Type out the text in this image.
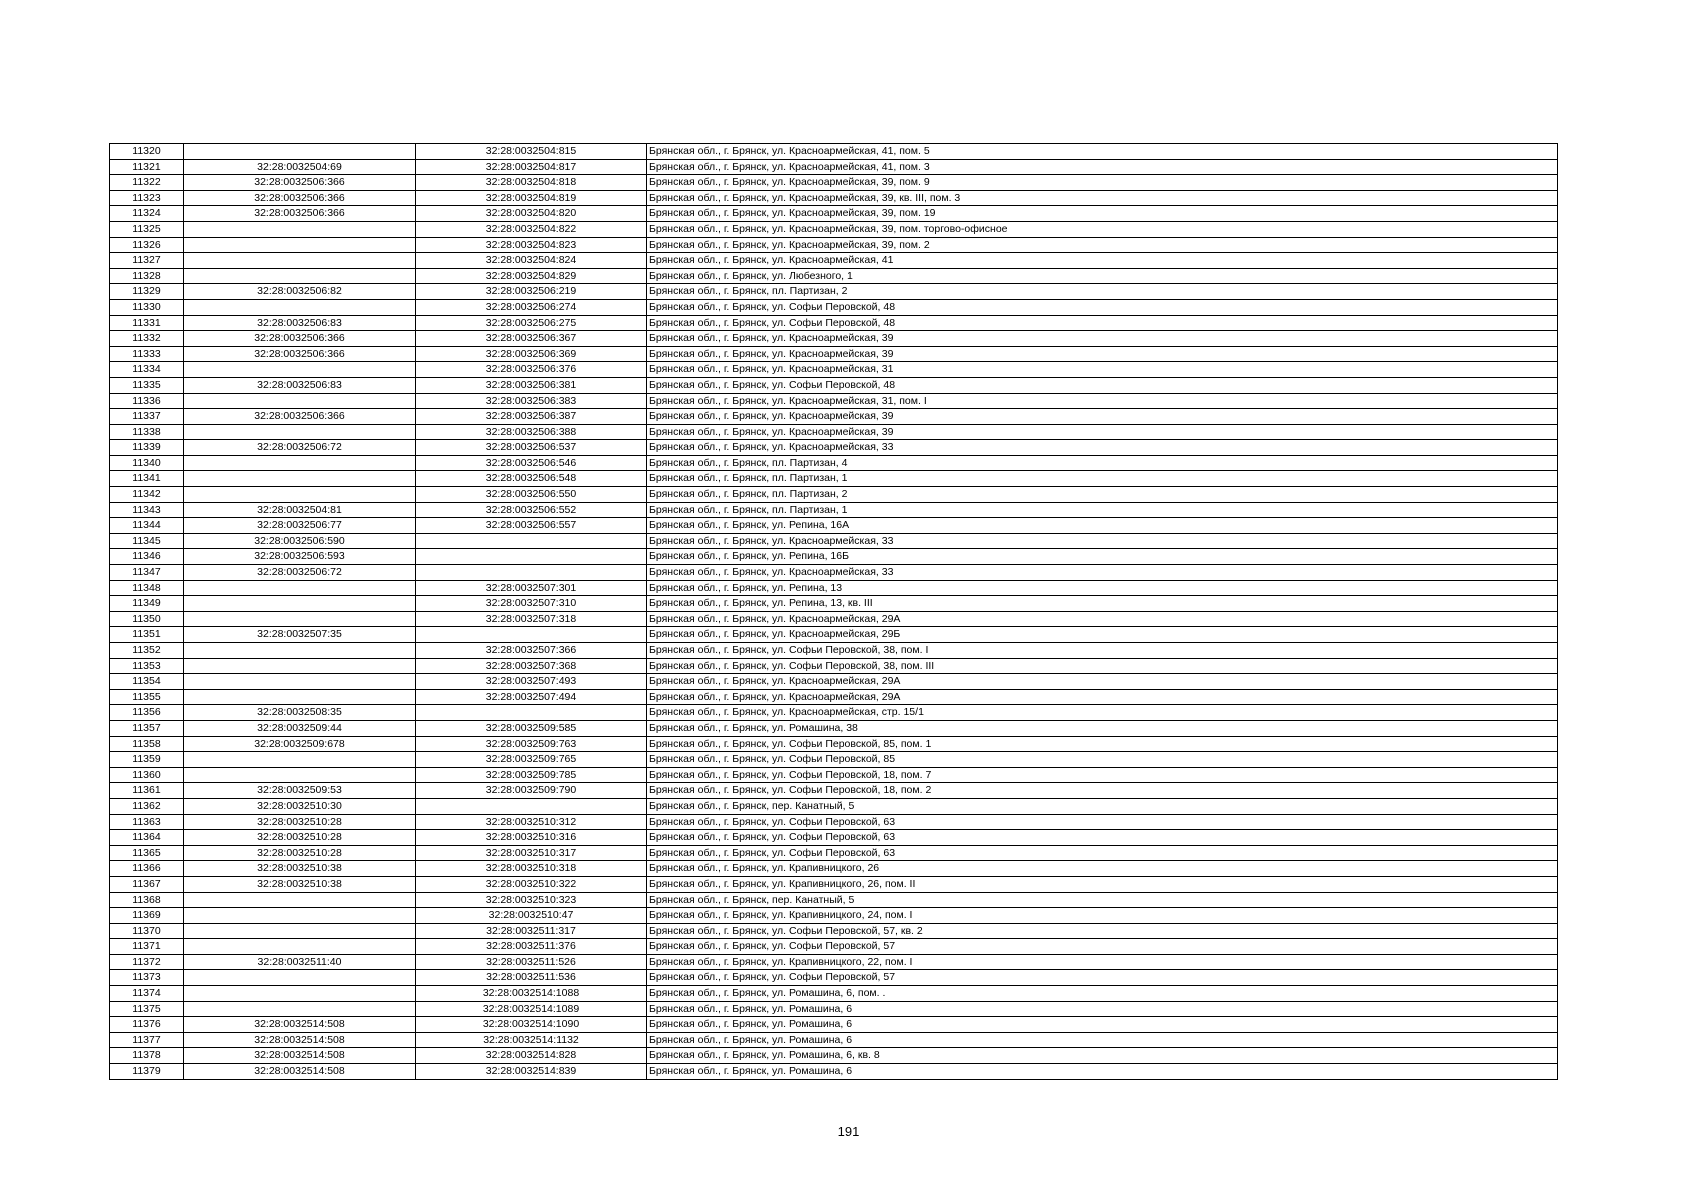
11320		32:28:0032504:815	Брянская обл., г. Брянск, ул. Красноармейская, 41, пом. 5
11321	32:28:0032504:69	32:28:0032504:817	Брянская обл., г. Брянск, ул. Красноармейская, 41, пом. 3
11322	32:28:0032506:366	32:28:0032504:818	Брянская обл., г. Брянск, ул. Красноармейская, 39, пом. 9
11323	32:28:0032506:366	32:28:0032504:819	Брянская обл., г. Брянск, ул. Красноармейская, 39, кв. III, пом. 3
11324	32:28:0032506:366	32:28:0032504:820	Брянская обл., г. Брянск, ул. Красноармейская, 39, пом. 19
11325		32:28:0032504:822	Брянская обл., г. Брянск, ул. Красноармейская, 39, пом. торгово-офисное
11326		32:28:0032504:823	Брянская обл., г. Брянск, ул. Красноармейская, 39, пом. 2
11327		32:28:0032504:824	Брянская обл., г. Брянск, ул. Красноармейская, 41
11328		32:28:0032504:829	Брянская обл., г. Брянск, ул. Любезного, 1
11329	32:28:0032506:82	32:28:0032506:219	Брянская обл., г. Брянск, пл. Партизан, 2
11330		32:28:0032506:274	Брянская обл., г. Брянск, ул. Софьи Перовской, 48
11331	32:28:0032506:83	32:28:0032506:275	Брянская обл., г. Брянск, ул. Софьи Перовской, 48
11332	32:28:0032506:366	32:28:0032506:367	Брянская обл., г. Брянск, ул. Красноармейская, 39
11333	32:28:0032506:366	32:28:0032506:369	Брянская обл., г. Брянск, ул. Красноармейская, 39
11334		32:28:0032506:376	Брянская обл., г. Брянск, ул. Красноармейская, 31
11335	32:28:0032506:83	32:28:0032506:381	Брянская обл., г. Брянск, ул. Софьи Перовской, 48
11336		32:28:0032506:383	Брянская обл., г. Брянск, ул. Красноармейская, 31, пом. I
11337	32:28:0032506:366	32:28:0032506:387	Брянская обл., г. Брянск, ул. Красноармейская, 39
11338		32:28:0032506:388	Брянская обл., г. Брянск, ул. Красноармейская, 39
11339	32:28:0032506:72	32:28:0032506:537	Брянская обл., г. Брянск, ул. Красноармейская, 33
11340		32:28:0032506:546	Брянская обл., г. Брянск, пл. Партизан, 4
11341		32:28:0032506:548	Брянская обл., г. Брянск, пл. Партизан, 1
11342		32:28:0032506:550	Брянская обл., г. Брянск, пл. Партизан, 2
11343	32:28:0032504:81	32:28:0032506:552	Брянская обл., г. Брянск, пл. Партизан, 1
11344	32:28:0032506:77	32:28:0032506:557	Брянская обл., г. Брянск, ул. Репина, 16А
11345	32:28:0032506:590		Брянская обл., г. Брянск, ул. Красноармейская, 33
11346	32:28:0032506:593		Брянская обл., г. Брянск, ул. Репина, 16Б
11347	32:28:0032506:72		Брянская обл., г. Брянск, ул. Красноармейская, 33
11348		32:28:0032507:301	Брянская обл., г. Брянск, ул. Репина, 13
11349		32:28:0032507:310	Брянская обл., г. Брянск, ул. Репина, 13, кв. III
11350		32:28:0032507:318	Брянская обл., г. Брянск, ул. Красноармейская, 29А
11351	32:28:0032507:35		Брянская обл., г. Брянск, ул. Красноармейская, 29Б
11352		32:28:0032507:366	Брянская обл., г. Брянск, ул. Софьи Перовской, 38, пом. I
11353		32:28:0032507:368	Брянская обл., г. Брянск, ул. Софьи Перовской, 38, пом. III
11354		32:28:0032507:493	Брянская обл., г. Брянск, ул. Красноармейская, 29А
11355		32:28:0032507:494	Брянская обл., г. Брянск, ул. Красноармейская, 29А
11356	32:28:0032508:35		Брянская обл., г. Брянск, ул. Красноармейская, стр. 15/1
11357	32:28:0032509:44	32:28:0032509:585	Брянская обл., г. Брянск, ул. Ромашина, 38
11358	32:28:0032509:678	32:28:0032509:763	Брянская обл., г. Брянск, ул. Софьи Перовской, 85, пом. 1
11359		32:28:0032509:765	Брянская обл., г. Брянск, ул. Софьи Перовской, 85
11360		32:28:0032509:785	Брянская обл., г. Брянск, ул. Софьи Перовской, 18, пом. 7
11361	32:28:0032509:53	32:28:0032509:790	Брянская обл., г. Брянск, ул. Софьи Перовской, 18, пом. 2
11362	32:28:0032510:30		Брянская обл., г. Брянск, пер. Канатный, 5
11363	32:28:0032510:28	32:28:0032510:312	Брянская обл., г. Брянск, ул. Софьи Перовской, 63
11364	32:28:0032510:28	32:28:0032510:316	Брянская обл., г. Брянск, ул. Софьи Перовской, 63
11365	32:28:0032510:28	32:28:0032510:317	Брянская обл., г. Брянск, ул. Софьи Перовской, 63
11366	32:28:0032510:38	32:28:0032510:318	Брянская обл., г. Брянск, ул. Крапивницкого, 26
11367	32:28:0032510:38	32:28:0032510:322	Брянская обл., г. Брянск, ул. Крапивницкого, 26, пом. II
11368		32:28:0032510:323	Брянская обл., г. Брянск, пер. Канатный, 5
11369		32:28:0032510:47	Брянская обл., г. Брянск, ул. Крапивницкого, 24, пом. I
11370		32:28:0032511:317	Брянская обл., г. Брянск, ул. Софьи Перовской, 57, кв. 2
11371		32:28:0032511:376	Брянская обл., г. Брянск, ул. Софьи Перовской, 57
11372	32:28:0032511:40	32:28:0032511:526	Брянская обл., г. Брянск, ул. Крапивницкого, 22, пом. I
11373		32:28:0032511:536	Брянская обл., г. Брянск, ул. Софьи Перовской, 57
11374		32:28:0032514:1088	Брянская обл., г. Брянск, ул. Ромашина, 6, пом. .
11375		32:28:0032514:1089	Брянская обл., г. Брянск, ул. Ромашина, 6
11376	32:28:0032514:508	32:28:0032514:1090	Брянская обл., г. Брянск, ул. Ромашина, 6
11377	32:28:0032514:508	32:28:0032514:1132	Брянская обл., г. Брянск, ул. Ромашина, 6
11378	32:28:0032514:508	32:28:0032514:828	Брянская обл., г. Брянск, ул. Ромашина, 6, кв. 8
11379	32:28:0032514:508	32:28:0032514:839	Брянская обл., г. Брянск, ул. Ромашина, 6
191
